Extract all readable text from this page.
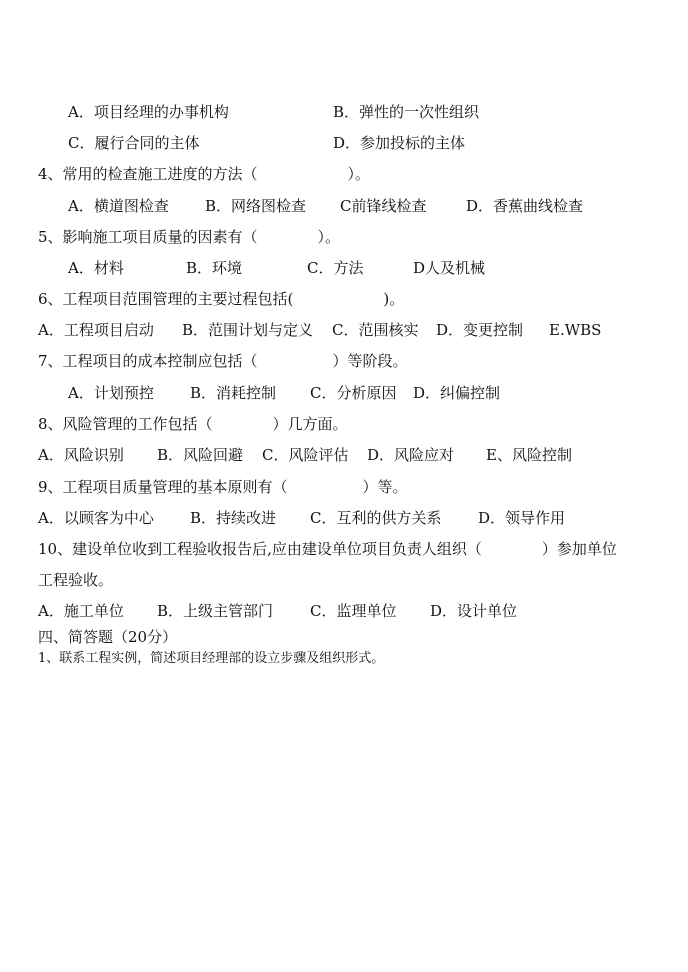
A．项目经理的办事机构	B．弹性的一次性组织
C．履行合同的主体	D．参加投标的主体
4、常用的检查施工进度的方法（　　　　　　）。
A．横道图检查 B．网络图检查 C前锋线检查	D．香蕉曲线检查
5、影响施工项目质量的因素有（　　　　）。
A．材料	B．环境	C．方法	D人及机械
6、工程项目范围管理的主要过程包括(　　　　　　)。
A．工程项目启动 B．范围计划与定义 C．范围核实 D．变更控制 E.WBS
7、工程项目的成本控制应包括（　　　　　）等阶段。
A．计划预控 B．消耗控制 C．分析原因 D．纠偏控制
8、风险管理的工作包括（　　　　）几方面。
A．风险识别 B．风险回避 C．风险评估 D．风险应对 E、风险控制
9、工程项目质量管理的基本原则有（　　　　　）等。
A．以顾客为中心 B．持续改进 C．互利的供方关系 D．领导作用
10、建设单位收到工程验收报告后,应由建设单位项目负责人组织（　　　　）参加单位
工程验收。
A．施工单位 B．上级主管部门 C．监理单位 D．设计单位
四、简答题（20分）
1、联系工程实例，简述项目经理部的设立步骤及组织形式。
